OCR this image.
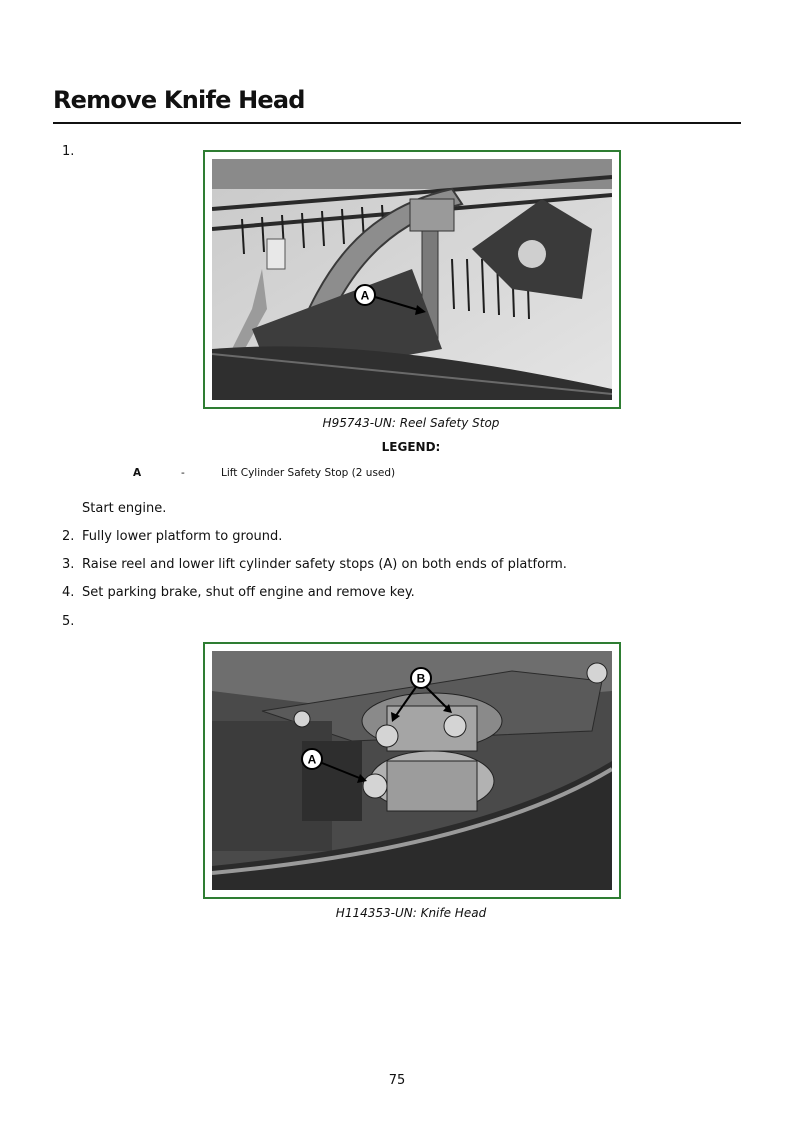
Remove Knife Head
1.
A
H95743-UN: Reel Safety Stop
LEGEND:
A	-	Lift Cylinder Safety Stop (2 used)
Start engine.
2. Fully lower platform to ground.
3. Raise reel and lower lift cylinder safety stops (A) on both ends of platform.
4. Set parking brake, shut off engine and remove key.
5.
B
A
H114353-UN: Knife Head
75
